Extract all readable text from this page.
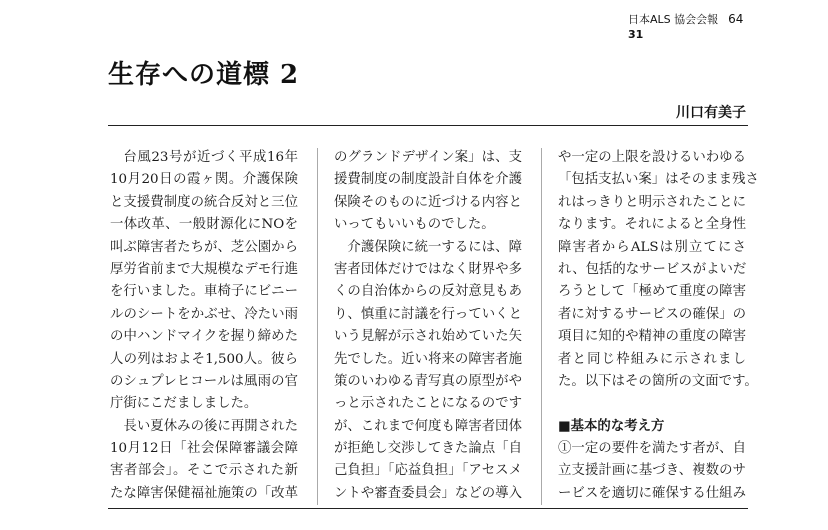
日本ALS 協会会報 64
31
生存への道標 2
川口有美子
台風23号が近づく平成16年
10月20日の霞ヶ関。介護保険
と支援費制度の統合反対と三位
一体改革、一般財源化にNOを
叫ぶ障害者たちが、芝公園から
厚労省前まで大規模なデモ行進
を行いました。車椅子にビニー
ルのシートをかぶせ、冷たい雨
の中ハンドマイクを握り締めた
人の列はおよそ1,500人。彼ら
のシュプレヒコールは風雨の官
庁街にこだましました。
長い夏休みの後に再開された
10月12日「社会保障審議会障
害者部会」。そこで示された新
たな障害保健福祉施策の「改革
のグランドデザイン案」は、支
援費制度の制度設計自体を介護
保険そのものに近づける内容と
いってもいいものでした。
介護保険に統一するには、障
害者団体だけではなく財界や多
くの自治体からの反対意見もあ
り、慎重に討議を行っていくと
いう見解が示され始めていた矢
先でした。近い将来の障害者施
策のいわゆる青写真の原型がや
っと示されたことになるのです
が、これまで何度も障害者団体
が拒絶し交渉してきた論点「自
己負担」「応益負担」「アセスメ
ントや審査委員会」などの導入
や一定の上限を設けるいわゆる
「包括支払い案」はそのまま残さ
れはっきりと明示されたことに
なります。それによると全身性
障害者からALSは別立てにさ
れ、包括的なサービスがよいだ
ろうとして「極めて重度の障害
者に対するサービスの確保」の
項目に知的や精神の重度の障害
者と同じ枠組みに示されまし
た。以下はその箇所の文面です。
■基本的な考え方
①一定の要件を満たす者が、自
立支援計画に基づき、複数のサ
ービスを適切に確保する仕組み
